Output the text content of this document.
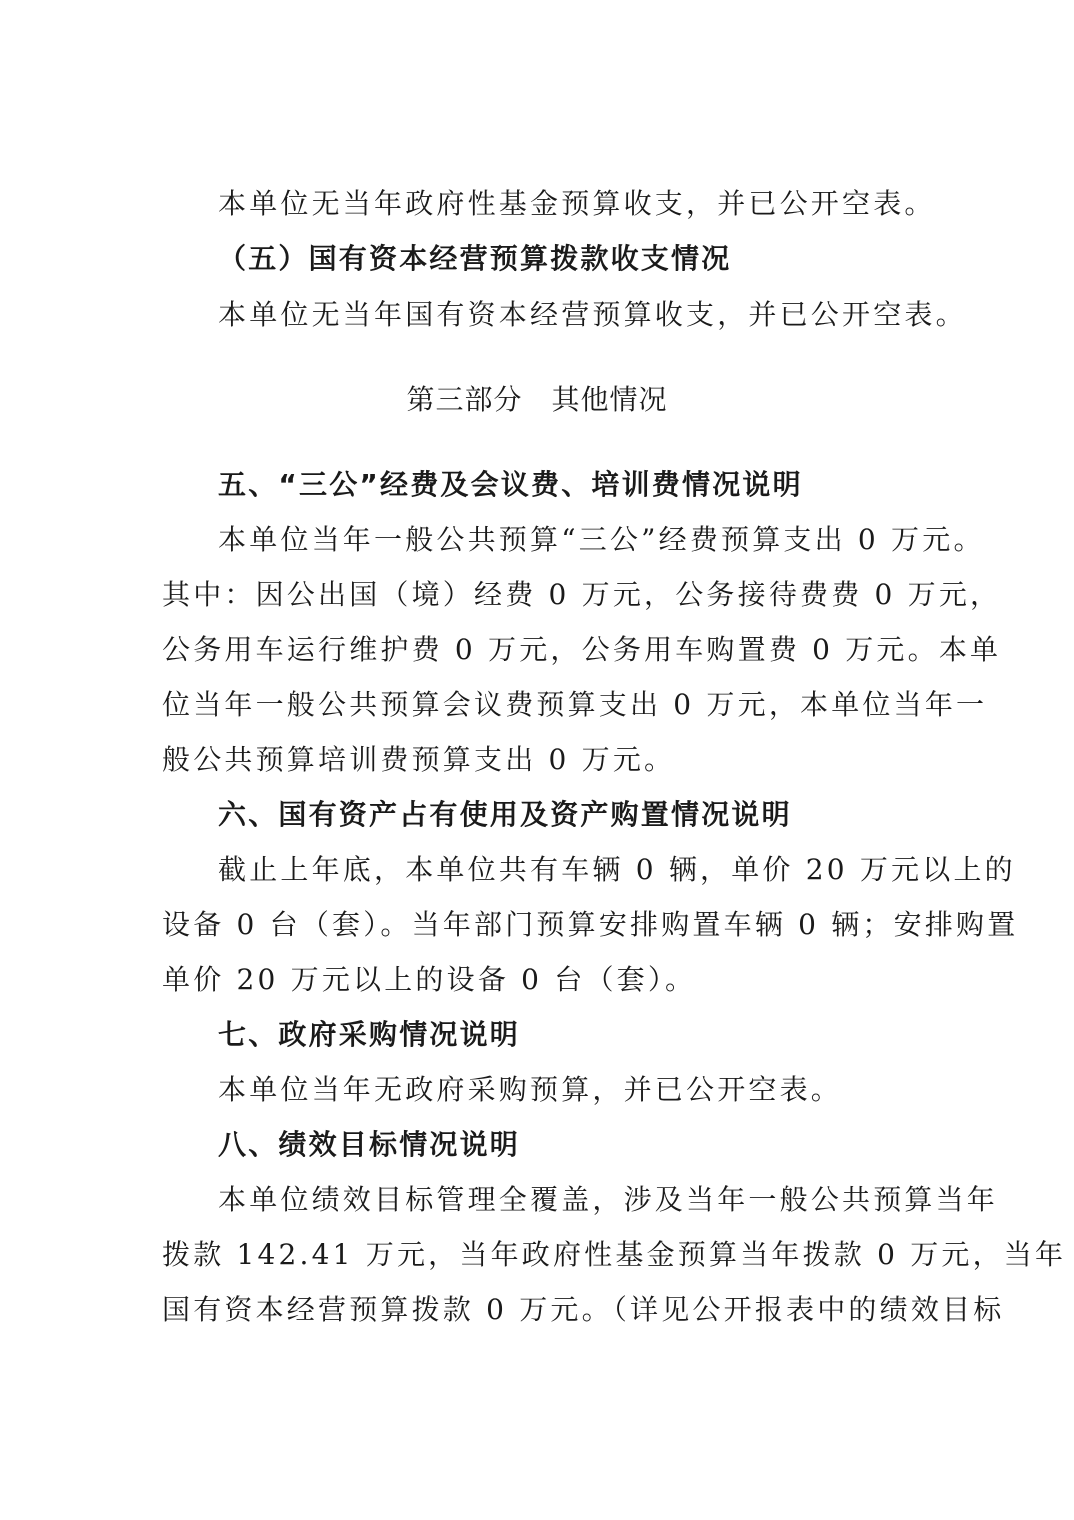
本单位无当年政府性基金预算收支，并已公开空表。
（五）国有资本经营预算拨款收支情况
本单位无当年国有资本经营预算收支，并已公开空表。
第三部分　其他情况
五、“三公”经费及会议费、培训费情况说明
本单位当年一般公共预算“三公”经费预算支出 0 万元。
其中：因公出国（境）经费 0 万元，公务接待费费 0 万元，
公务用车运行维护费 0 万元，公务用车购置费 0 万元。本单
位当年一般公共预算会议费预算支出 0 万元，本单位当年一
般公共预算培训费预算支出 0 万元。
六、国有资产占有使用及资产购置情况说明
截止上年底，本单位共有车辆 0 辆，单价 20 万元以上的
设备 0 台（套）。当年部门预算安排购置车辆 0 辆；安排购置
单价 20 万元以上的设备 0 台（套）。
七、政府采购情况说明
本单位当年无政府采购预算，并已公开空表。
八、绩效目标情况说明
本单位绩效目标管理全覆盖，涉及当年一般公共预算当年
拨款 142.41 万元，当年政府性基金预算当年拨款 0 万元，当年
国有资本经营预算拨款 0 万元。（详见公开报表中的绩效目标
